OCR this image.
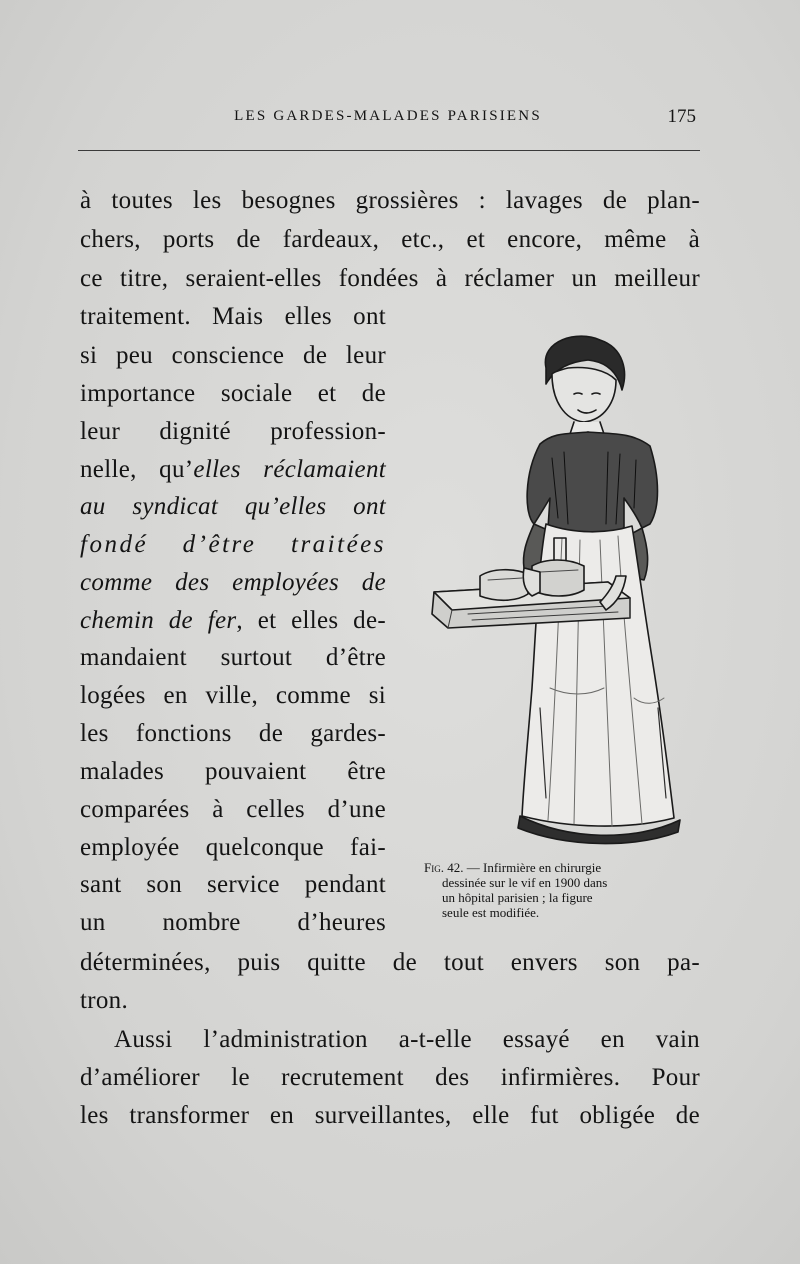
LES GARDES-MALADES PARISIENS	175
à toutes les besognes grossières : lavages de plan-
chers, ports de fardeaux, etc., et encore, même à
ce titre, seraient-elles fondées à réclamer un meilleur
traitement. Mais elles ont
si peu conscience de leur
importance sociale et de
leur dignité profession-
nelle, qu’elles réclamaient
au syndicat qu’elles ont
fondé d’être traitées
comme des employées de
chemin de fer, et elles de-
mandaient surtout d’être
logées en ville, comme si
les fonctions de gardes-
malades pouvaient être
comparées à celles d’une
employée quelconque fai-
sant son service pendant
un nombre d’heures
déterminées, puis quitte de tout envers son pa-
tron.
Aussi l’administration a-t-elle essayé en vain
d’améliorer le recrutement des infirmières. Pour
les transformer en surveillantes, elle fut obligée de
Fig. 42. — Infirmière en chirurgie
dessinée sur le vif en 1900 dans
un hôpital parisien ; la figure
seule est modifiée.
